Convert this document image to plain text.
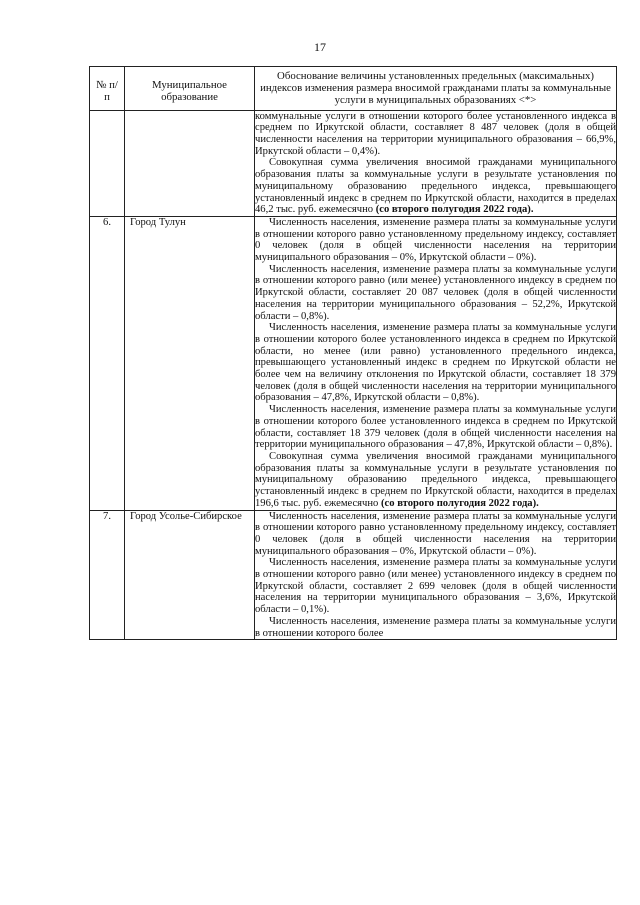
17
№ п/п	Муниципальное образование	Обоснование величины установленных предельных (максимальных) индексов изменения размера вносимой гражданами платы за коммунальные услуги в муниципальных образованиях <*>

		коммунальные услуги в отношении которого более установленного индекса в среднем по Иркутской области, составляет 8 487 человек (доля в общей численности населения на территории муниципального образования – 66,9%, Иркутской области – 0,4%).

Совокупная сумма увеличения вносимой гражданами муниципального образования платы за коммунальные услуги в результате установления по муниципальному образованию предельного индекса, превышающего установленный индекс в среднем по Иркутской области, находится в пределах 46,2 тыс. руб. ежемесячно (со второго полугодия 2022 года).

6.	Город Тулун	Численность населения, изменение размера платы за коммунальные услуги в отношении которого равно установленному предельному индексу, составляет 0 человек (доля в общей численности населения на территории муниципального образования – 0%, Иркутской области – 0%).

Численность населения, изменение размера платы за коммунальные услуги в отношении которого равно (или менее) установленного индексу в среднем по Иркутской области, составляет 20 087 человек (доля в общей численности населения на территории муниципального образования – 52,2%, Иркутской области – 0,8%).

Численность населения, изменение размера платы за коммунальные услуги в отношении которого более установленного индекса в среднем по Иркутской области, но менее (или равно) установленного предельного индекса, превышающего установленный индекс в среднем по Иркутской области не более чем на величину отклонения по Иркутской области, составляет 18 379 человек (доля в общей численности населения на территории муниципального образования – 47,8%, Иркутской области – 0,8%).

Численность населения, изменение размера платы за коммунальные услуги в отношении которого более установленного индекса в среднем по Иркутской области, составляет 18 379 человек (доля в общей численности населения на территории муниципального образования – 47,8%, Иркутской области – 0,8%).

Совокупная сумма увеличения вносимой гражданами муниципального образования платы за коммунальные услуги в результате установления по муниципальному образованию предельного индекса, превышающего установленный индекс в среднем по Иркутской области, находится в пределах 196,6 тыс. руб. ежемесячно (со второго полугодия 2022 года).

7.	Город Усолье-Сибирское	Численность населения, изменение размера платы за коммунальные услуги в отношении которого равно установленному предельному индексу, составляет 0 человек (доля в общей численности населения на территории муниципального образования – 0%, Иркутской области – 0%).

Численность населения, изменение размера платы за коммунальные услуги в отношении которого равно (или менее) установленного индексу в среднем по Иркутской области, составляет 2 699 человек (доля в общей численности населения на территории муниципального образования – 3,6%, Иркутской области – 0,1%).

Численность населения, изменение размера платы за коммунальные услуги в отношении которого более
